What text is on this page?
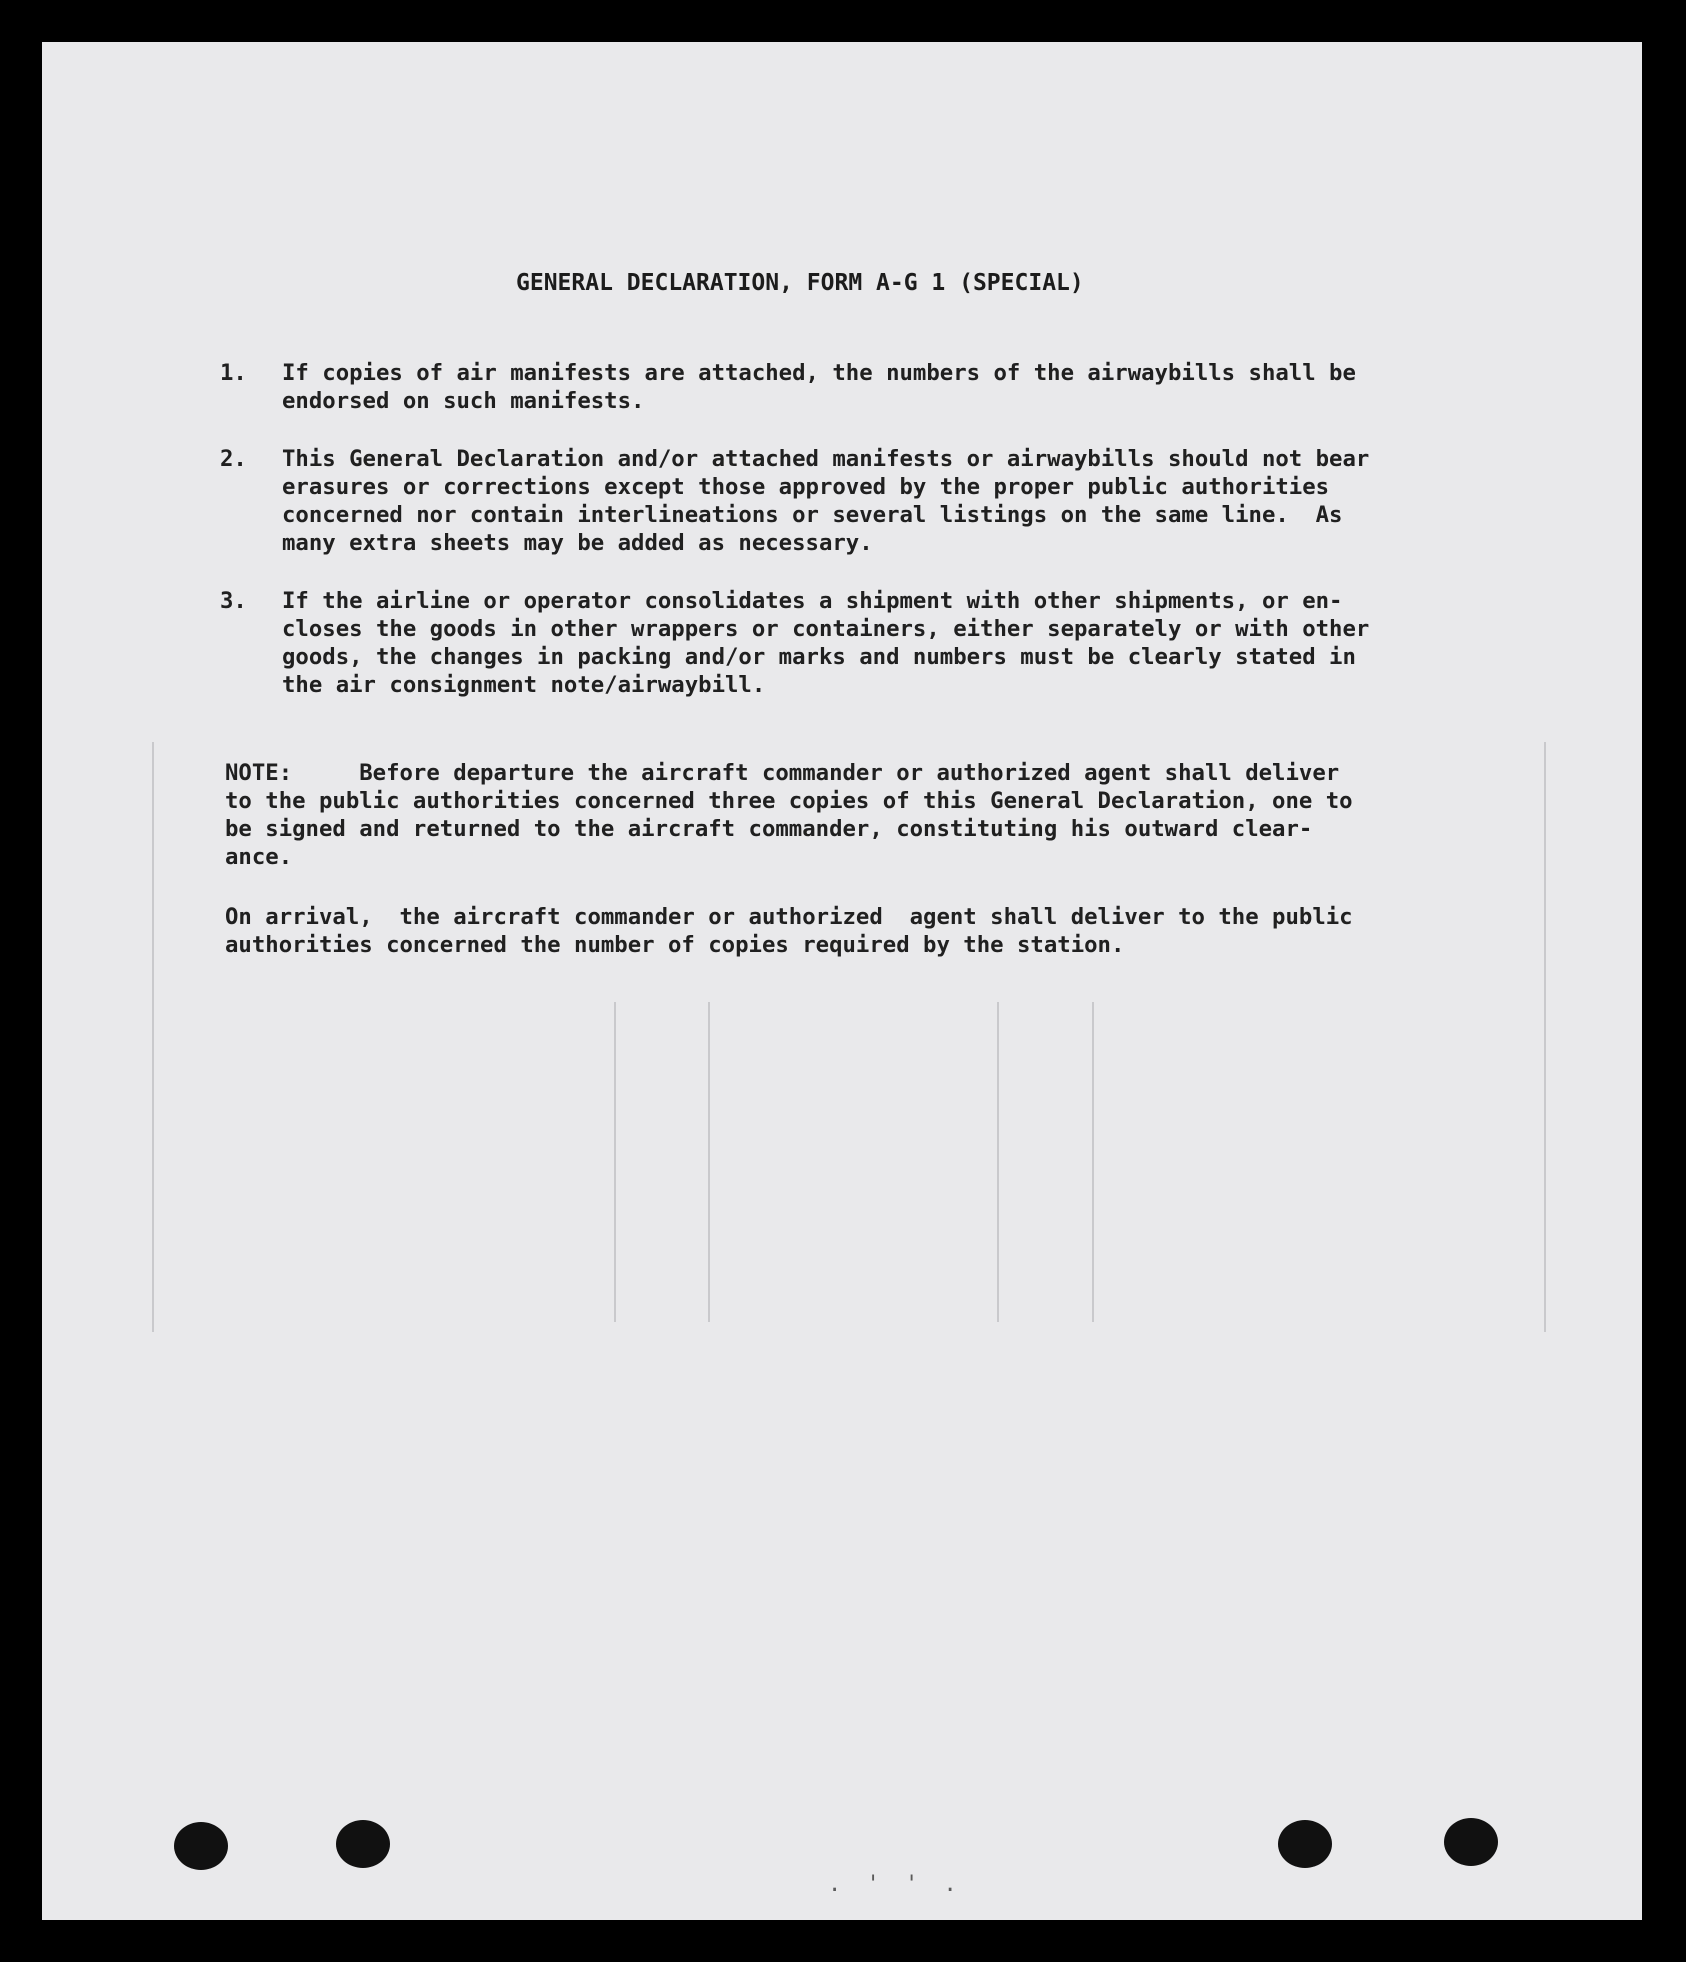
GENERAL DECLARATION, FORM A-G 1 (SPECIAL)
1. If copies of air manifests are attached, the numbers of the airwaybills shall be
endorsed on such manifests.
2. This General Declaration and/or attached manifests or airwaybills should not bear
erasures or corrections except those approved by the proper public authorities
concerned nor contain interlineations or several listings on the same line.  As
many extra sheets may be added as necessary.
3. If the airline or operator consolidates a shipment with other shipments, or en-
closes the goods in other wrappers or containers, either separately or with other
goods, the changes in packing and/or marks and numbers must be clearly stated in
the air consignment note/airwaybill.
NOTE:     Before departure the aircraft commander or authorized agent shall deliver
to the public authorities concerned three copies of this General Declaration, one to
be signed and returned to the aircraft commander, constituting his outward clear-
ance.
On arrival,  the aircraft commander or authorized  agent shall deliver to the public
authorities concerned the number of copies required by the station.
. ' ' .
